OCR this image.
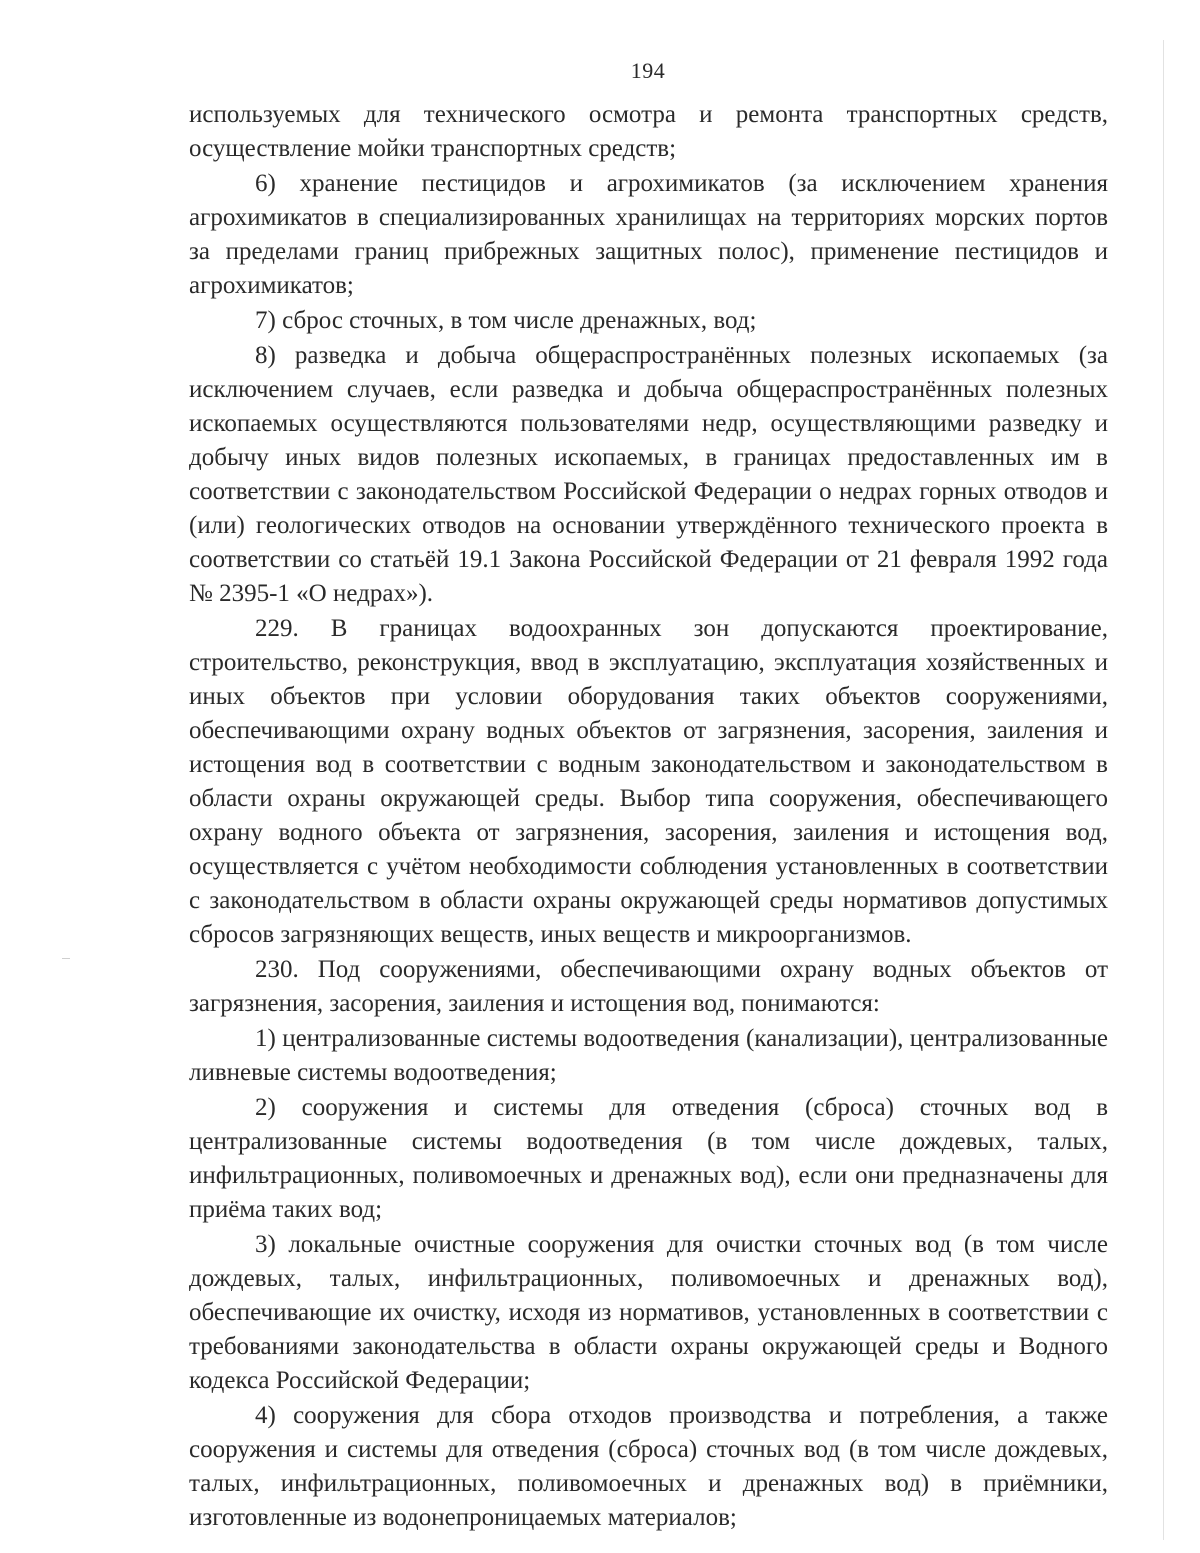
194

используемых для технического осмотра и ремонта транспортных средств, осуществление мойки транспортных средств;

6) хранение пестицидов и агрохимикатов (за исключением хранения агрохимикатов в специализированных хранилищах на территориях морских портов за пределами границ прибрежных защитных полос), применение пестицидов и агрохимикатов;

7) сброс сточных, в том числе дренажных, вод;

8) разведка и добыча общераспространённых полезных ископаемых (за исключением случаев, если разведка и добыча общераспространённых полезных ископаемых осуществляются пользователями недр, осуществляющими разведку и добычу иных видов полезных ископаемых, в границах предоставленных им в соответствии с законодательством Российской Федерации о недрах горных отводов и (или) геологических отводов на основании утверждённого технического проекта в соответствии со статьёй 19.1 Закона Российской Федерации от 21 февраля 1992 года № 2395-1 «О недрах»).

229. В границах водоохранных зон допускаются проектирование, строительство, реконструкция, ввод в эксплуатацию, эксплуатация хозяйственных и иных объектов при условии оборудования таких объектов сооружениями, обеспечивающими охрану водных объектов от загрязнения, засорения, заиления и истощения вод в соответствии с водным законодательством и законодательством в области охраны окружающей среды. Выбор типа сооружения, обеспечивающего охрану водного объекта от загрязнения, засорения, заиления и истощения вод, осуществляется с учётом необходимости соблюдения установленных в соответствии с законодательством в области охраны окружающей среды нормативов допустимых сбросов загрязняющих веществ, иных веществ и микроорганизмов.

230. Под сооружениями, обеспечивающими охрану водных объектов от загрязнения, засорения, заиления и истощения вод, понимаются:

1) централизованные системы водоотведения (канализации), централизованные ливневые системы водоотведения;

2) сооружения и системы для отведения (сброса) сточных вод в централизованные системы водоотведения (в том числе дождевых, талых, инфильтрационных, поливомоечных и дренажных вод), если они предназначены для приёма таких вод;

3) локальные очистные сооружения для очистки сточных вод (в том числе дождевых, талых, инфильтрационных, поливомоечных и дренажных вод), обеспечивающие их очистку, исходя из нормативов, установленных в соответствии с требованиями законодательства в области охраны окружающей среды и Водного кодекса Российской Федерации;

4) сооружения для сбора отходов производства и потребления, а также сооружения и системы для отведения (сброса) сточных вод (в том числе дождевых, талых, инфильтрационных, поливомоечных и дренажных вод) в приёмники, изготовленные из водонепроницаемых материалов;
